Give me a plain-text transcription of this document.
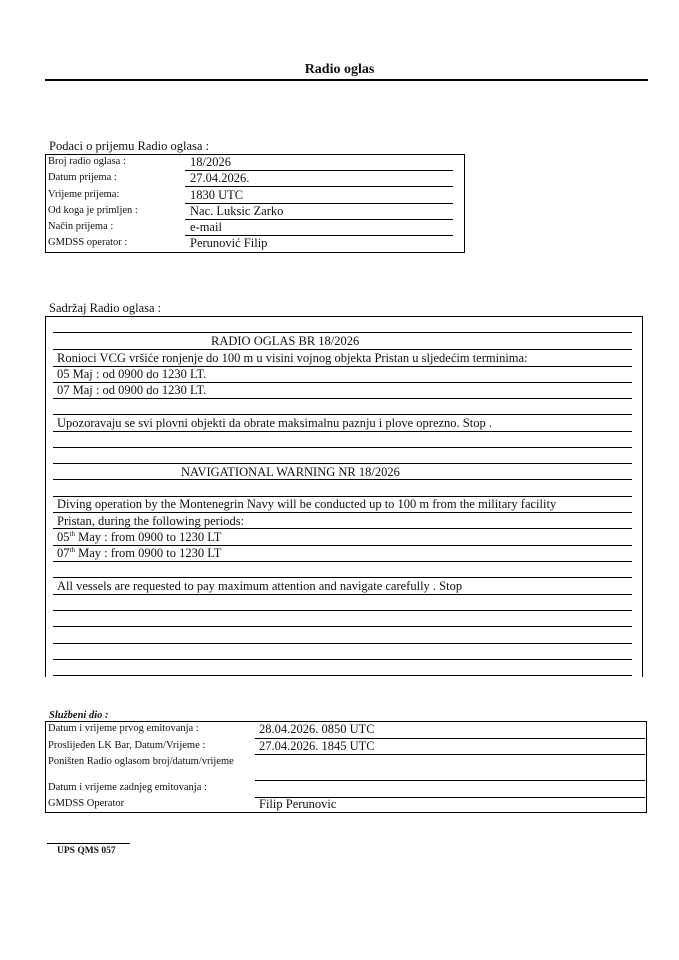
Radio oglas
Podaci o prijemu Radio oglasa :
Broj radio oglasa :	18/2026
Datum prijema :	27.04.2026.
Vrijeme prijema:	1830 UTC
Od koga je primljen :	Nac. Luksic Zarko
Način prijema :	e-mail
GMDSS operator :	Perunović Filip
Sadržaj Radio oglasa :
RADIO OGLAS BR 18/2026
Ronioci VCG vršiće ronjenje do 100 m u visini vojnog objekta Pristan u sljedećim terminima:
05 Maj : od 0900 do 1230 LT.
07 Maj : od 0900 do 1230 LT.
Upozoravaju se svi plovni objekti da obrate maksimalnu paznju i plove oprezno. Stop .
NAVIGATIONAL WARNING NR 18/2026
Diving operation by the Montenegrin Navy will be conducted up to 100 m from the military facility
Pristan, during the following periods:
05th May : from 0900 to 1230 LT
07th May : from 0900 to 1230 LT
All vessels are requested to pay maximum attention and navigate carefully . Stop
Službeni dio :
Datum i vrijeme prvog emitovanja :	28.04.2026. 0850 UTC
Proslijeđen LK Bar, Datum/Vrijeme :	27.04.2026. 1845 UTC
Poništen Radio oglasom broj/datum/vrijeme
Datum i vrijeme zadnjeg emitovanja :
GMDSS Operator	Filip Perunovic
UPS QMS 057
